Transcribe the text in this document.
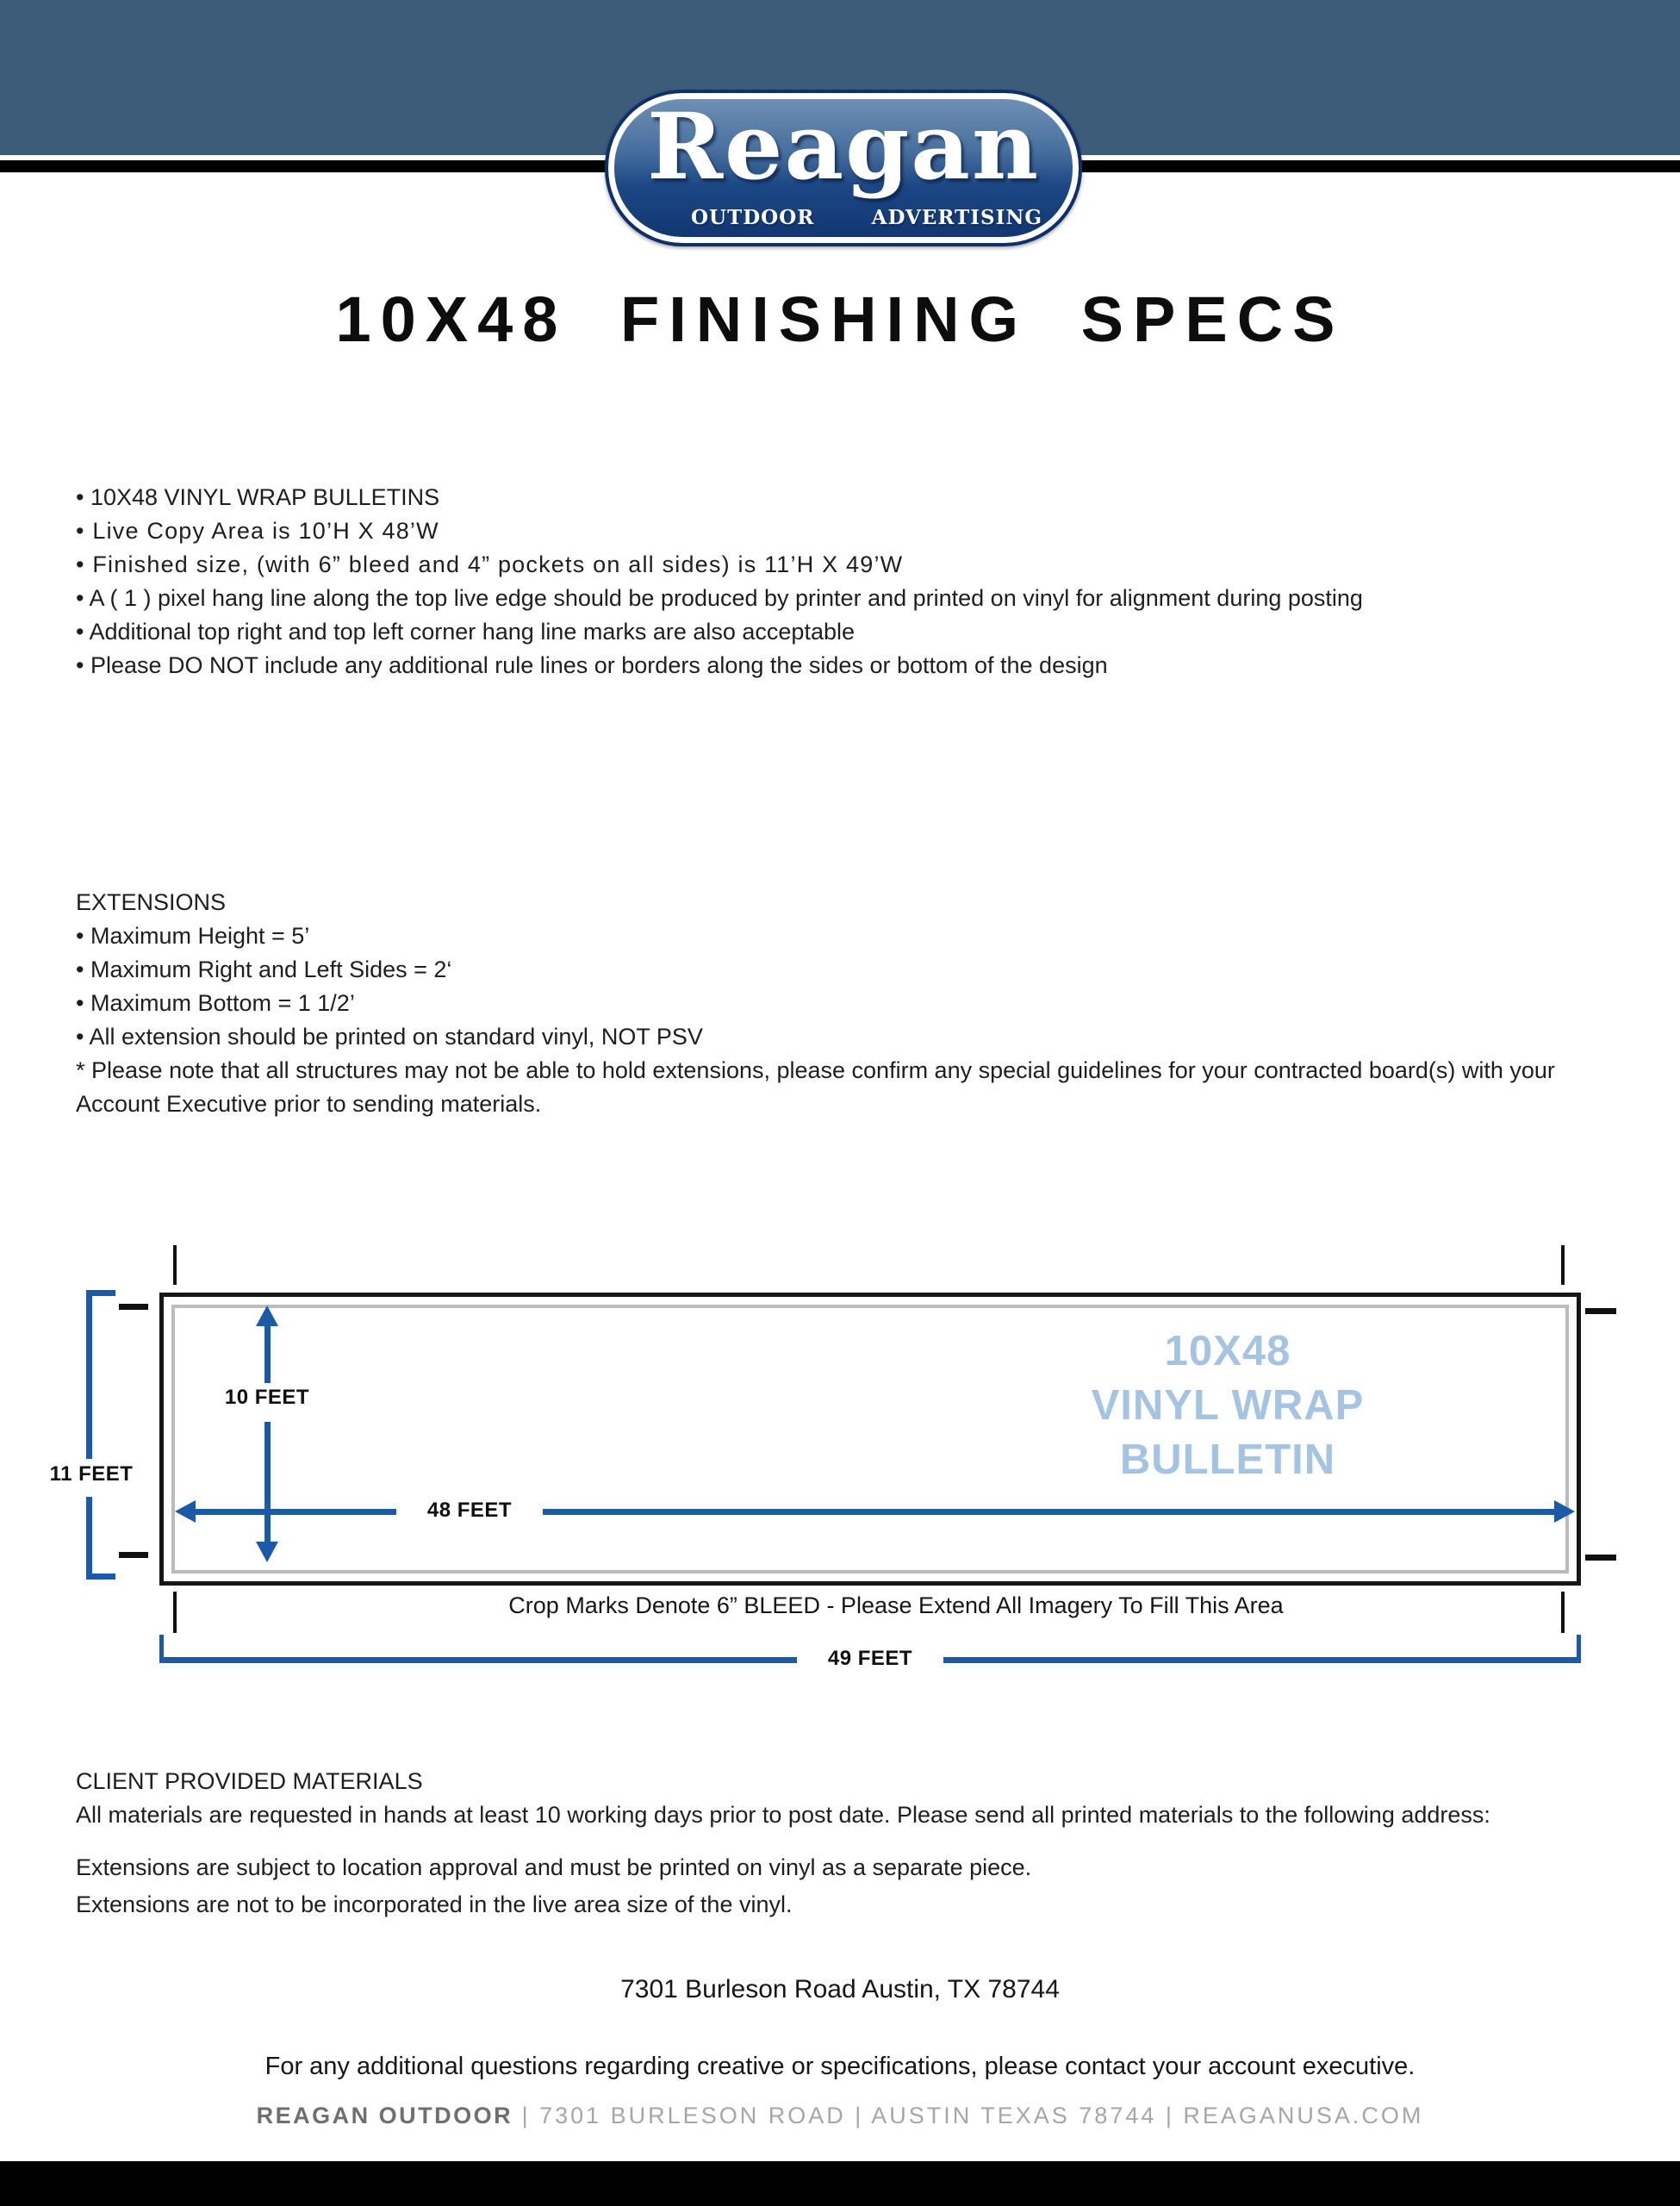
Reagan
OUTDOOR	ADVERTISING
10X48 FINISHING SPECS

• 10X48 VINYL WRAP BULLETINS

• Live Copy Area is 10’H X 48’W

• Finished size, (with 6” bleed and 4” pockets on all sides) is 11’H X 49’W

• A ( 1 ) pixel hang line along the top live edge should be produced by printer and printed on vinyl for alignment during posting

• Additional top right and top left corner hang line marks are also acceptable

• Please DO NOT include any additional rule lines or borders along the sides or bottom of the design

EXTENSIONS

• Maximum Height = 5’

• Maximum Right and Left Sides = 2‘

• Maximum Bottom = 1 1/2’

• All extension should be printed on standard vinyl, NOT PSV

* Please note that all structures may not be able to hold extensions, please confirm any special guidelines for your contracted board(s) with your Account Executive prior to sending materials.

11 FEET
10 FEET
48 FEET
10X48
VINYL WRAP
BULLETIN
Crop Marks Denote 6” BLEED - Please Extend All Imagery To Fill This Area
49 FEET

CLIENT PROVIDED MATERIALS

All materials are requested in hands at least 10 working days prior to post date. Please send all printed materials to the following address:

Extensions are subject to location approval and must be printed on vinyl as a separate piece.

Extensions are not to be incorporated in the live area size of the vinyl.

7301 Burleson Road Austin, TX 78744

For any additional questions regarding creative or specifications, please contact your account executive.

REAGAN OUTDOOR | 7301 BURLESON ROAD | AUSTIN TEXAS 78744 | REAGANUSA.COM
